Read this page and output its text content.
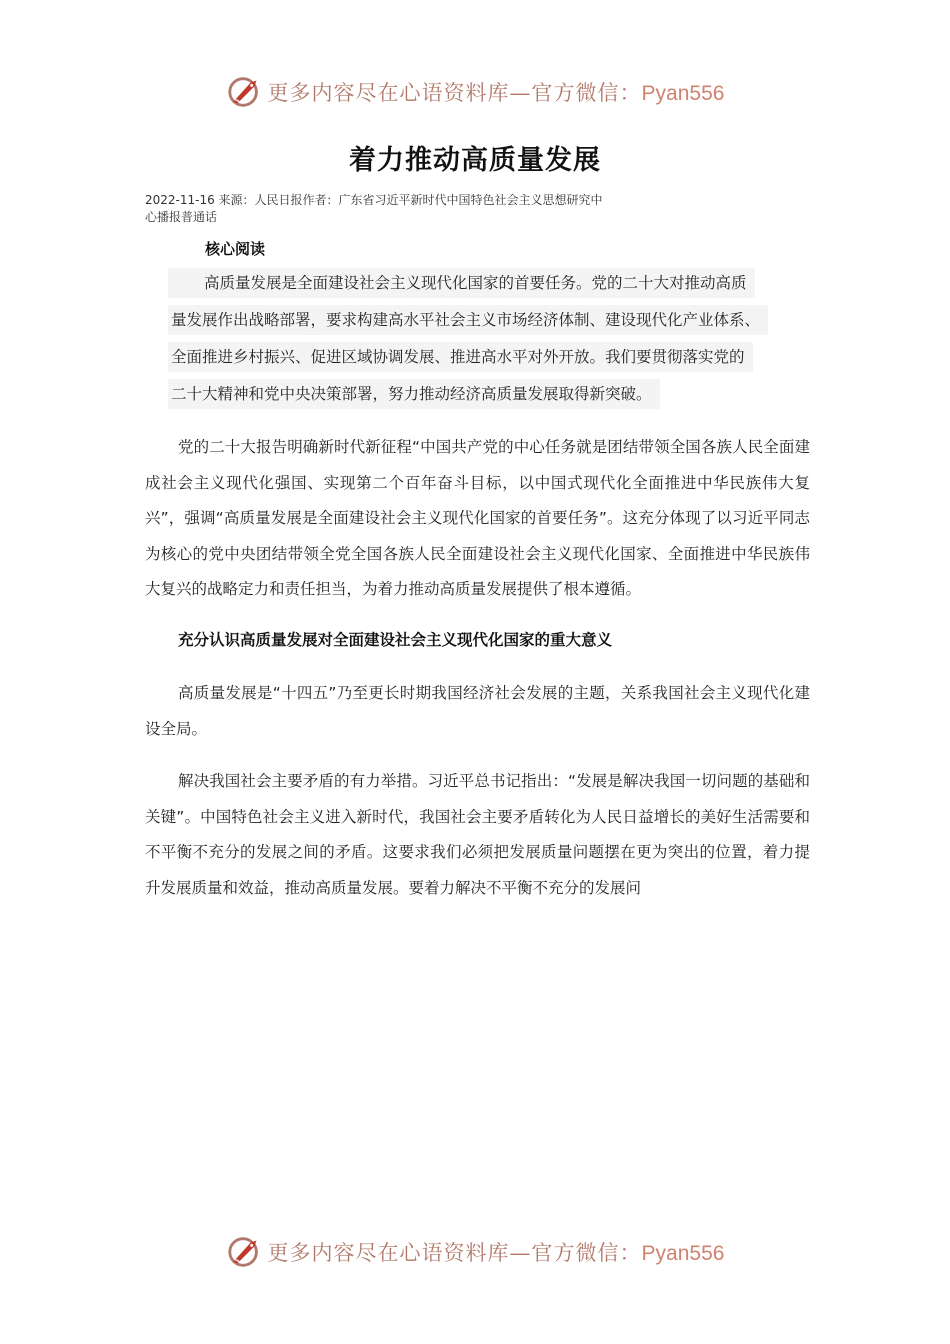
更多内容尽在心语资料库—官方微信：Pyan556
着力推动高质量发展
2022-11-16 来源：人民日报作者：广东省习近平新时代中国特色社会主义思想研究中
心播报普通话
核心阅读
高质量发展是全面建设社会主义现代化国家的首要任务。党的二十大对推动高质
量发展作出战略部署，要求构建高水平社会主义市场经济体制、建设现代化产业体系、
全面推进乡村振兴、促进区域协调发展、推进高水平对外开放。我们要贯彻落实党的
二十大精神和党中央决策部署，努力推动经济高质量发展取得新突破。

党的二十大报告明确新时代新征程“中国共产党的中心任务就是团结带领全国各族人民全面建成社会主义现代化强国、实现第二个百年奋斗目标，以中国式现代化全面推进中华民族伟大复兴”，强调“高质量发展是全面建设社会主义现代化国家的首要任务”。这充分体现了以习近平同志为核心的党中央团结带领全党全国各族人民全面建设社会主义现代化国家、全面推进中华民族伟大复兴的战略定力和责任担当，为着力推动高质量发展提供了根本遵循。

充分认识高质量发展对全面建设社会主义现代化国家的重大意义

高质量发展是“十四五”乃至更长时期我国经济社会发展的主题，关系我国社会主义现代化建设全局。

解决我国社会主要矛盾的有力举措。习近平总书记指出：“发展是解决我国一切问题的基础和关键”。中国特色社会主义进入新时代，我国社会主要矛盾转化为人民日益增长的美好生活需要和不平衡不充分的发展之间的矛盾。这要求我们必须把发展质量问题摆在更为突出的位置，着力提升发展质量和效益，推动高质量发展。要着力解决不平衡不充分的发展问

更多内容尽在心语资料库—官方微信：Pyan556
